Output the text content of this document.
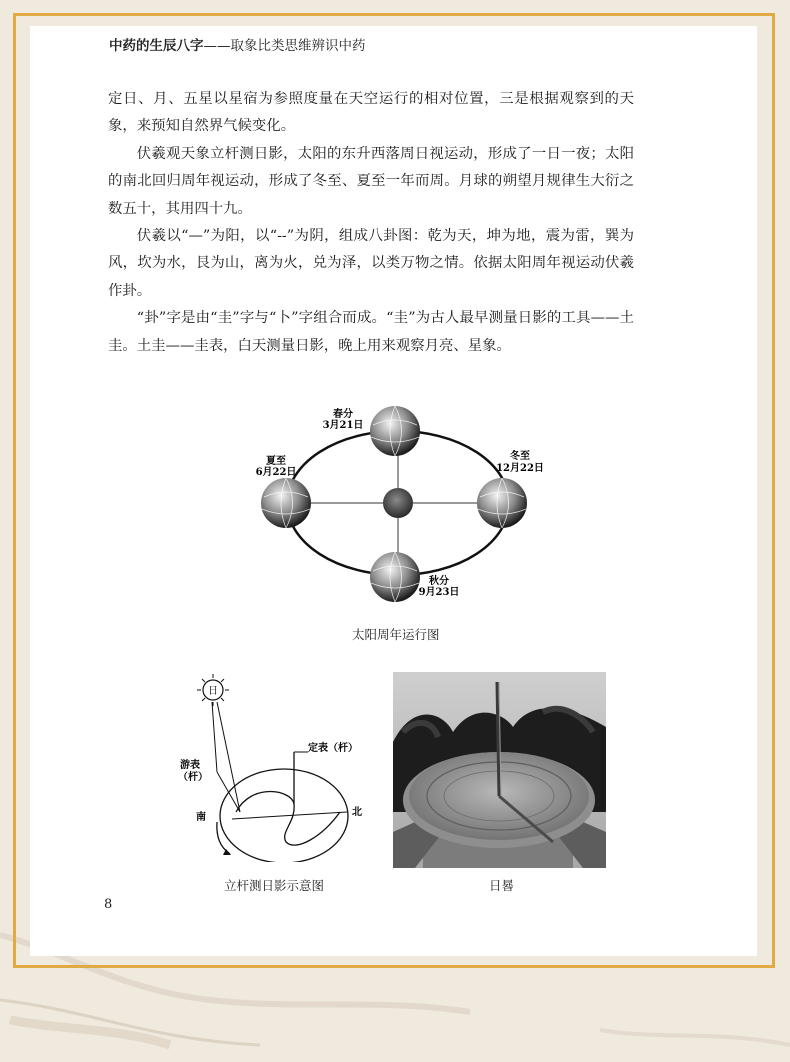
中药的生辰八字——取象比类思维辨识中药

定日、月、五星以星宿为参照度量在天空运行的相对位置，三是根据观察到的天象，来预知自然界气候变化。

伏羲观天象立杆测日影，太阳的东升西落周日视运动，形成了一日一夜；太阳的南北回归周年视运动，形成了冬至、夏至一年而周。月球的朔望月规律生大衍之数五十，其用四十九。

伏羲以“—”为阳，以“--”为阴，组成八卦图：乾为天，坤为地，震为雷，巽为风，坎为水，艮为山，离为火，兑为泽，以类万物之情。依据太阳周年视运动伏羲作卦。

“卦”字是由“圭”字与“卜”字组合而成。“圭”为古人最早测量日影的工具——土圭。土圭——圭表，白天测量日影，晚上用来观察月亮、星象。

春分
3月21日
夏至
6月22日
冬至
12月22日
秋分
9月23日
太阳周年运行图
日
定表（杆）
游表
（杆）
南	北
立杆测日影示意图	日晷
8
